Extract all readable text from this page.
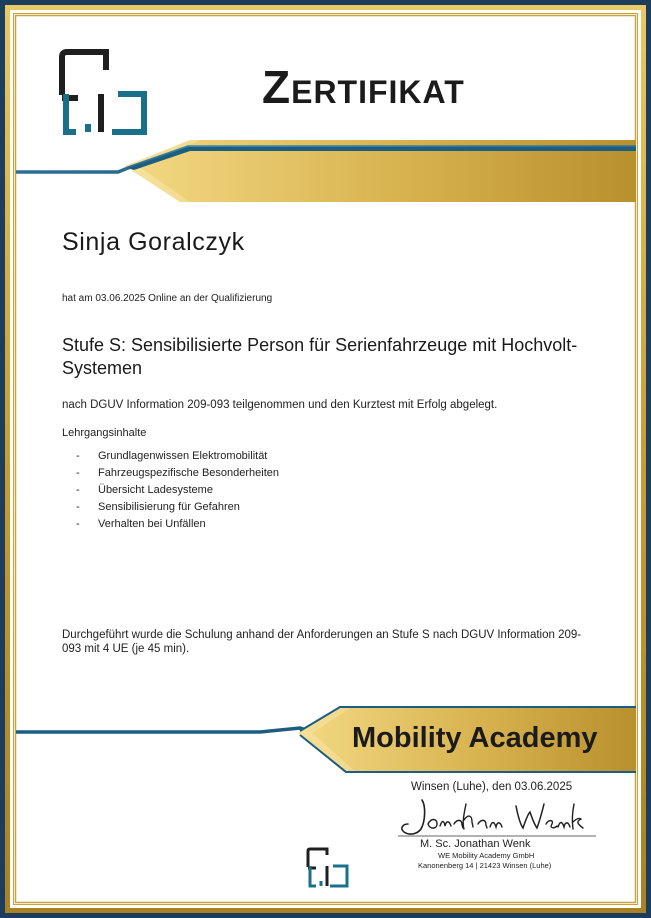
Zertifikat
Sinja Goralczyk
hat am 03.06.2025 Online an der Qualifizierung
Stufe S: Sensibilisierte Person für Serienfahrzeuge mit Hochvolt-Systemen
nach DGUV Information 209-093 teilgenommen und den Kurztest mit Erfolg abgelegt.
Lehrgangsinhalte
- Grundlagenwissen Elektromobilität
- Fahrzeugspezifische Besonderheiten
- Übersicht Ladesysteme
- Sensibilisierung für Gefahren
- Verhalten bei Unfällen
Durchgeführt wurde die Schulung anhand der Anforderungen an Stufe S nach DGUV Information 209-093 mit 4 UE (je 45 min).
Mobility Academy
Winsen (Luhe), den 03.06.2025
M. Sc. Jonathan Wenk
WE Mobility Academy GmbH
Kanonenberg 14 | 21423 Winsen (Luhe)
